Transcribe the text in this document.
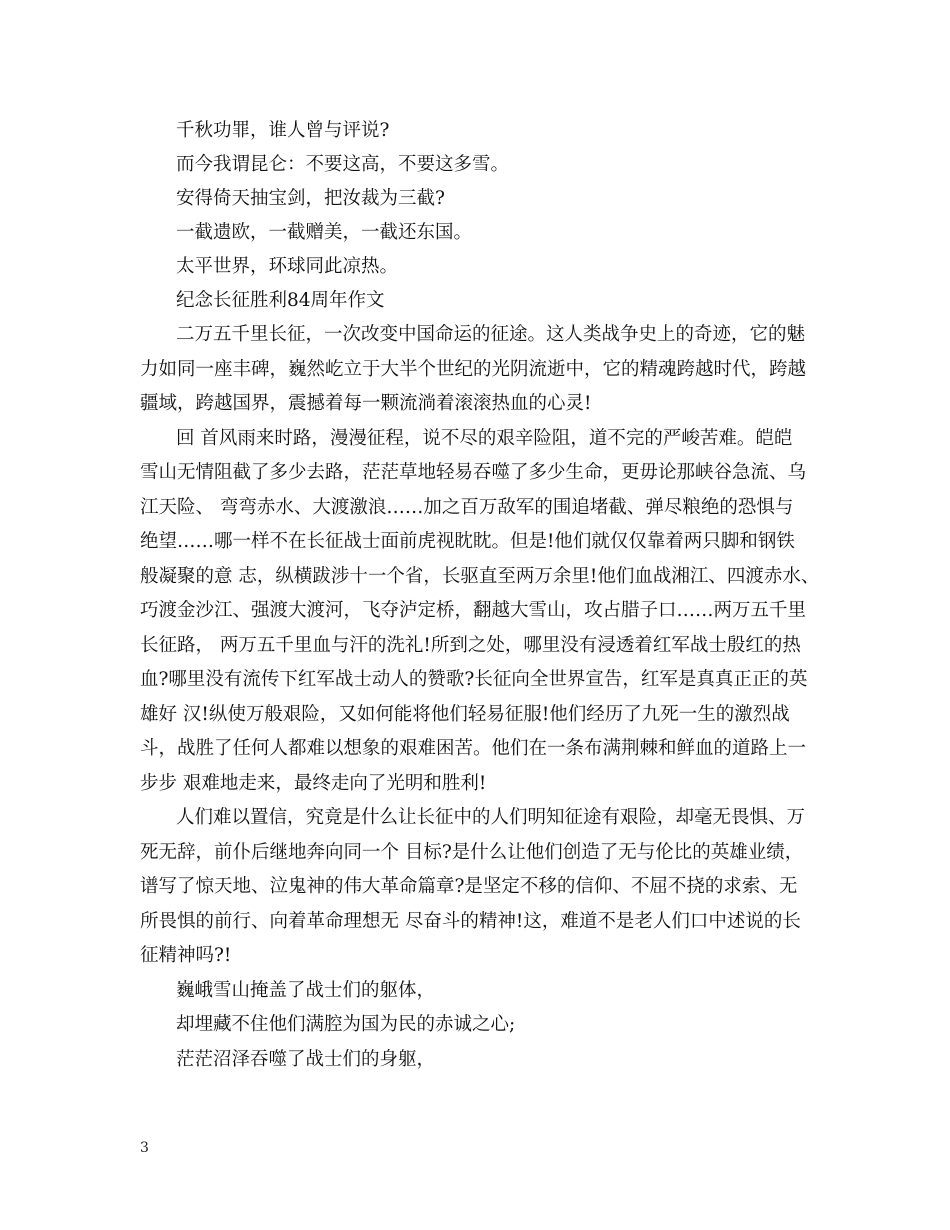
千秋功罪，谁人曾与评说?
而今我谓昆仑：不要这高，不要这多雪。
安得倚天抽宝剑，把汝裁为三截?
一截遗欧，一截赠美，一截还东国。
太平世界，环球同此凉热。
纪念长征胜利84周年作文
二万五千里长征，一次改变中国命运的征途。这人类战争史上的奇迹，它的魅
力如同一座丰碑，巍然屹立于大半个世纪的光阴流逝中，它的精魂跨越时代，跨越
疆域，跨越国界，震撼着每一颗流淌着滚滚热血的心灵!
回 首风雨来时路，漫漫征程，说不尽的艰辛险阻，道不完的严峻苦难。皑皑
雪山无情阻截了多少去路，茫茫草地轻易吞噬了多少生命，更毋论那峡谷急流、乌
江天险、 弯弯赤水、大渡激浪……加之百万敌军的围追堵截、弹尽粮绝的恐惧与
绝望……哪一样不在长征战士面前虎视眈眈。但是!他们就仅仅靠着两只脚和钢铁
般凝聚的意 志，纵横跋涉十一个省，长驱直至两万余里!他们血战湘江、四渡赤水、
巧渡金沙江、强渡大渡河，飞夺泸定桥，翻越大雪山，攻占腊子口……两万五千里
长征路， 两万五千里血与汗的洗礼!所到之处，哪里没有浸透着红军战士殷红的热
血?哪里没有流传下红军战士动人的赞歌?长征向全世界宣告，红军是真真正正的英
雄好 汉!纵使万般艰险，又如何能将他们轻易征服!他们经历了九死一生的激烈战
斗，战胜了任何人都难以想象的艰难困苦。他们在一条布满荆棘和鲜血的道路上一
步步 艰难地走来，最终走向了光明和胜利!
人们难以置信，究竟是什么让长征中的人们明知征途有艰险，却毫无畏惧、万
死无辞，前仆后继地奔向同一个 目标?是什么让他们创造了无与伦比的英雄业绩，
谱写了惊天地、泣鬼神的伟大革命篇章?是坚定不移的信仰、不屈不挠的求索、无
所畏惧的前行、向着革命理想无 尽奋斗的精神!这，难道不是老人们口中述说的长
征精神吗?!
巍峨雪山掩盖了战士们的躯体，
却埋藏不住他们满腔为国为民的赤诚之心;
茫茫沼泽吞噬了战士们的身躯，
3
